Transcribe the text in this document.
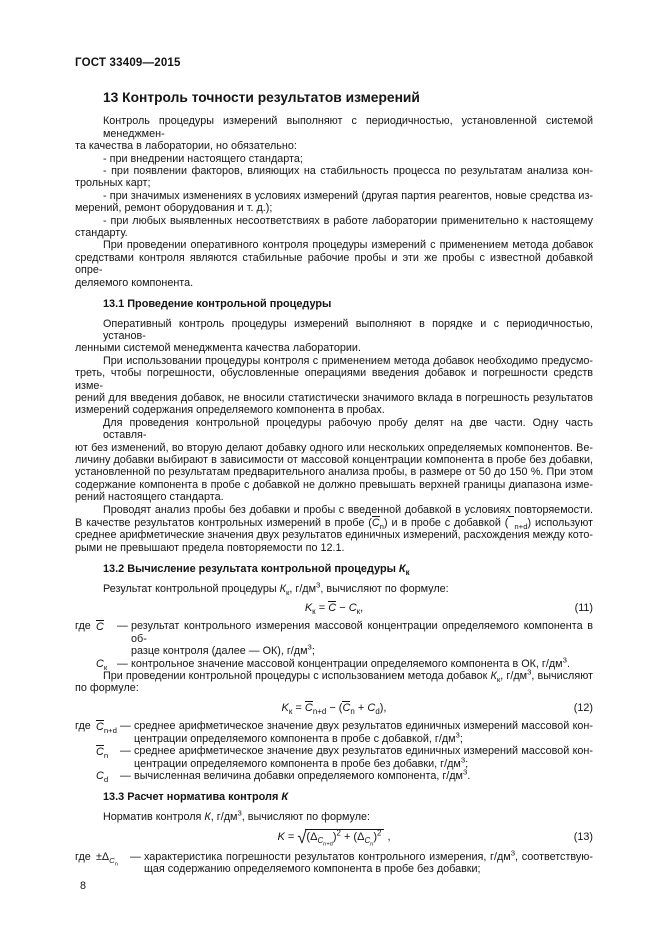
ГОСТ 33409—2015
13 Контроль точности результатов измерений
Контроль процедуры измерений выполняют с периодичностью, установленной системой менеджмен-
та качества в лаборатории, но обязательно:
- при внедрении настоящего стандарта;
- при появлении факторов, влияющих на стабильность процесса по результатам анализа кон-
трольных карт;
- при значимых изменениях в условиях измерений (другая партия реагентов, новые средства из-
мерений, ремонт оборудования и т. д.);
- при любых выявленных несоответствиях в работе лаборатории применительно к настоящему
стандарту.
При проведении оперативного контроля процедуры измерений с применением метода добавок
средствами контроля являются стабильные рабочие пробы и эти же пробы с известной добавкой опре-
деляемого компонента.
13.1 Проведение контрольной процедуры
Оперативный контроль процедуры измерений выполняют в порядке и с периодичностью, установ-
ленными системой менеджмента качества лаборатории.
При использовании процедуры контроля с применением метода добавок необходимо предусмо-
треть, чтобы погрешности, обусловленные операциями введения добавок и погрешности средств изме-
рений для введения добавок, не вносили статистически значимого вклада в погрешность результатов
измерений содержания определяемого компонента в пробах.
Для проведения контрольной процедуры рабочую пробу делят на две части. Одну часть оставля-
ют без изменений, во вторую делают добавку одного или нескольких определяемых компонентов. Ве-
личину добавки выбирают в зависимости от массовой концентрации компонента в пробе без добавки,
установленной по результатам предварительного анализа пробы, в размере от 50 до 150 %. При этом
содержание компонента в пробе с добавкой не должно превышать верхней границы диапазона изме-
рений настоящего стандарта.
Проводят анализ пробы без добавки и пробы с введенной добавкой в условиях повторяемости.
В качестве результатов контрольных измерений в пробе $(C_n)$ и в пробе с добавкой ( $_{n+d}$) используют
среднее арифметические значения двух результатов единичных измерений, расхождения между кото-
рыми не превышают предела повторяемости по 12.1.
13.2 Вычисление результата контрольной процедуры $К_к$
Результат контрольной процедуры $К_к$, $г/дм^3$, вычисляют по формуле:
$K_к = C - C_к$,	(11)
где C	— результат контрольного измерения массовой концентрации определяемого компонента в об-
разце контроля (далее — ОК), $г/дм^3$;
$C_к$ — контрольное значение массовой концентрации определяемого компонента в ОК, $г/дм^3$.
При проведении контрольной процедуры с использованием метода добавок $К_к$, $г/дм^3$, вычисляют
по формуле:
$K_к = C_{n+d} - (C_n + C_d)$,	(12)
где $C_{n+d}$ — среднее арифметическое значение двух результатов единичных измерений массовой кон-
центрации определяемого компонента в пробе с добавкой, $г/дм^3$;
$C_n$	— среднее арифметическое значение двух результатов единичных измерений массовой кон-
центрации определяемого компонента в пробе без добавки, $г/дм^3$;
$C_d$	— вычисленная величина добавки определяемого компонента, $г/дм^3$.
13.3 Расчет норматива контроля К
Норматив контроля К, $г/дм^3$, вычисляют по формуле:
$K = √(\Delta_{C_{n+d}})^2 + (\Delta_{C_n})^2$ ,	(13)
где $\pm\Delta_{C_n}$
— характеристика погрешности результатов контрольного измерения, $г/дм^3$, соответствую-
щая содержанию определяемого компонента в пробе без добавки;
8
